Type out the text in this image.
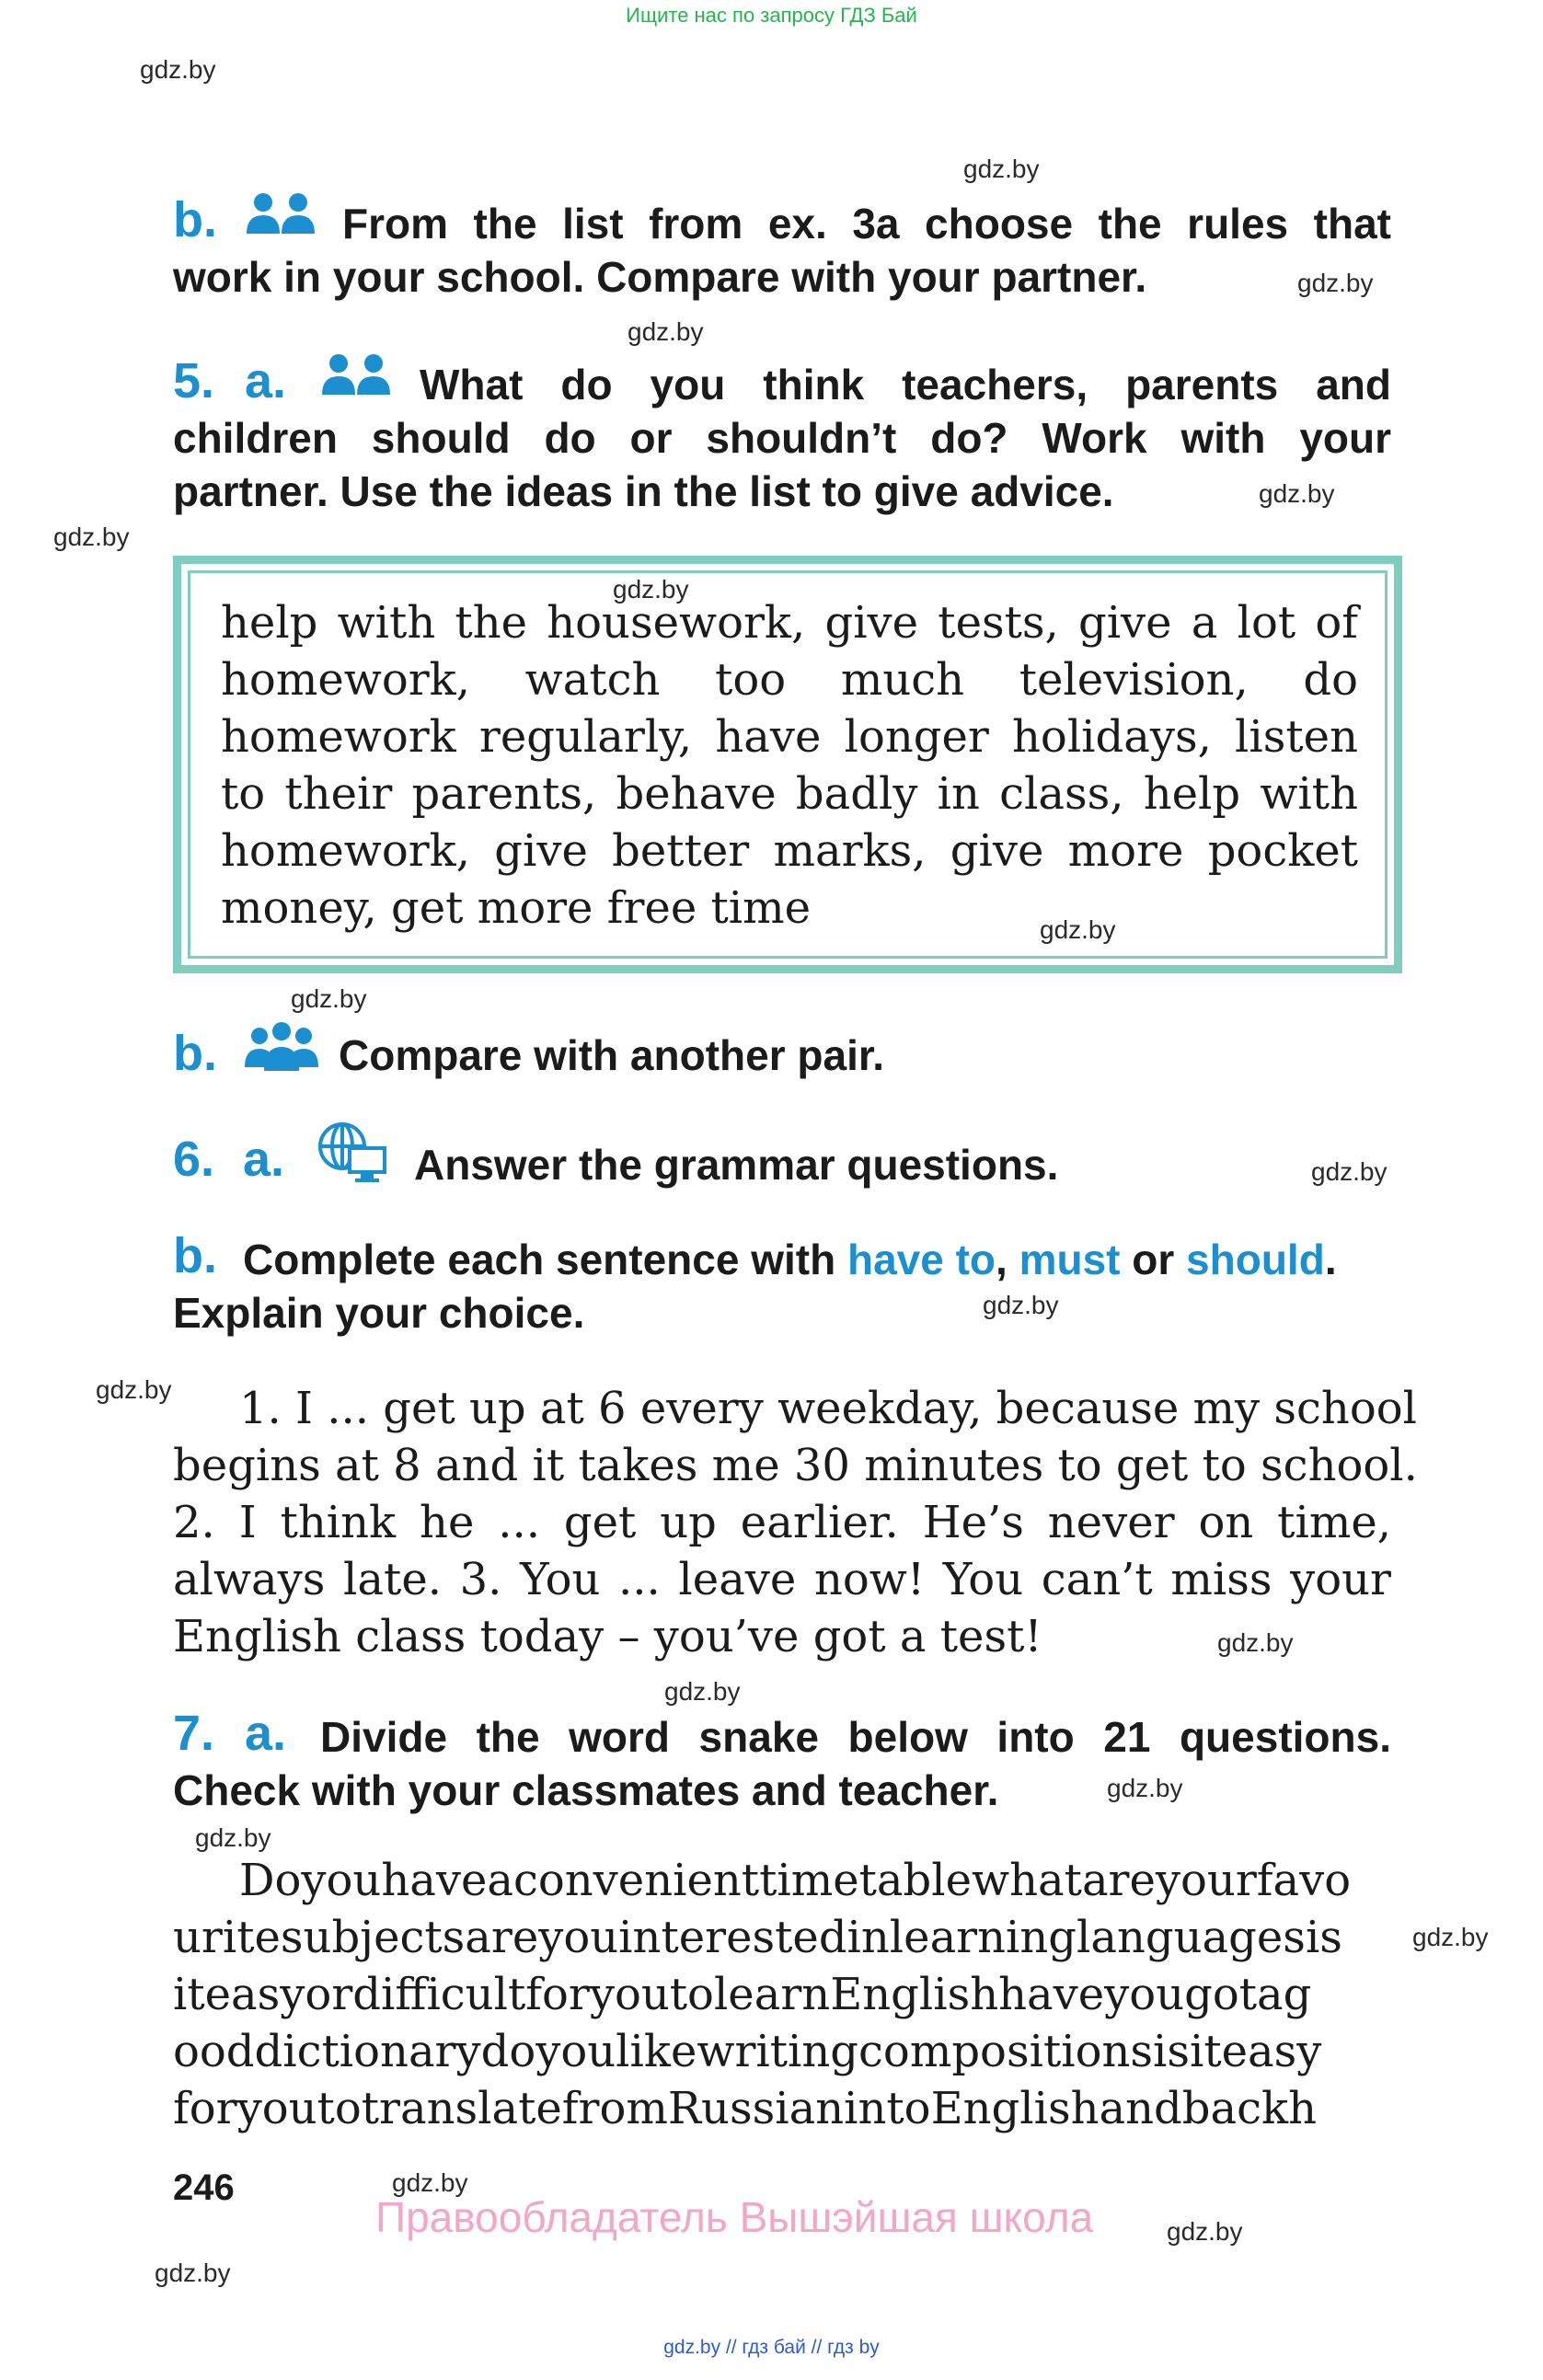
Ищите нас по запросу ГДЗ Бай
gdz.by
gdz.by
gdz.by
gdz.by
gdz.by
gdz.by
gdz.by
gdz.by
gdz.by
gdz.by
gdz.by
gdz.by
gdz.by
gdz.by
gdz.by
gdz.by
gdz.by
gdz.by
gdz.by
gdz.by
b.	From the list from ex. 3a choose the rules that
work in your school. Compare with your partner.
5. a.	What do you think teachers, parents and
children should do or shouldn’t do? Work with your
partner. Use the ideas in the list to give advice.
help with the housework, give tests, give a lot of
homework, watch too much television, do
homework regularly, have longer holidays, listen
to their parents, behave badly in class, help with
homework, give better marks, give more pocket
money, get more free time
b.	Compare with another pair.
6. a.	Answer the grammar questions.
b. Complete each sentence with have to, must or should.
Explain your choice.
1. I ... get up at 6 every weekday, because my school
begins at 8 and it takes me 30 minutes to get to school.
2. I think he ... get up earlier. He’s never on time,
always late. 3. You ... leave now! You can’t miss your
English class today – you’ve got a test!
7. a. Divide the word snake below into 21 questions.
Check with your classmates and teacher.
Doyouhaveaconvenienttimetablewhatareyourfavo
uritesubjectsareyouinterestedinlearninglanguagesis
iteasyordifficultforyoutolearnEnglishhaveyougotag
ooddictionarydoyoulikewritingcompositionsisiteasy
foryoutotranslatefromRussianintoEnglishandbackh
246
Правообладатель Вышэйшая школа
gdz.by // гдз бай // гдз by
